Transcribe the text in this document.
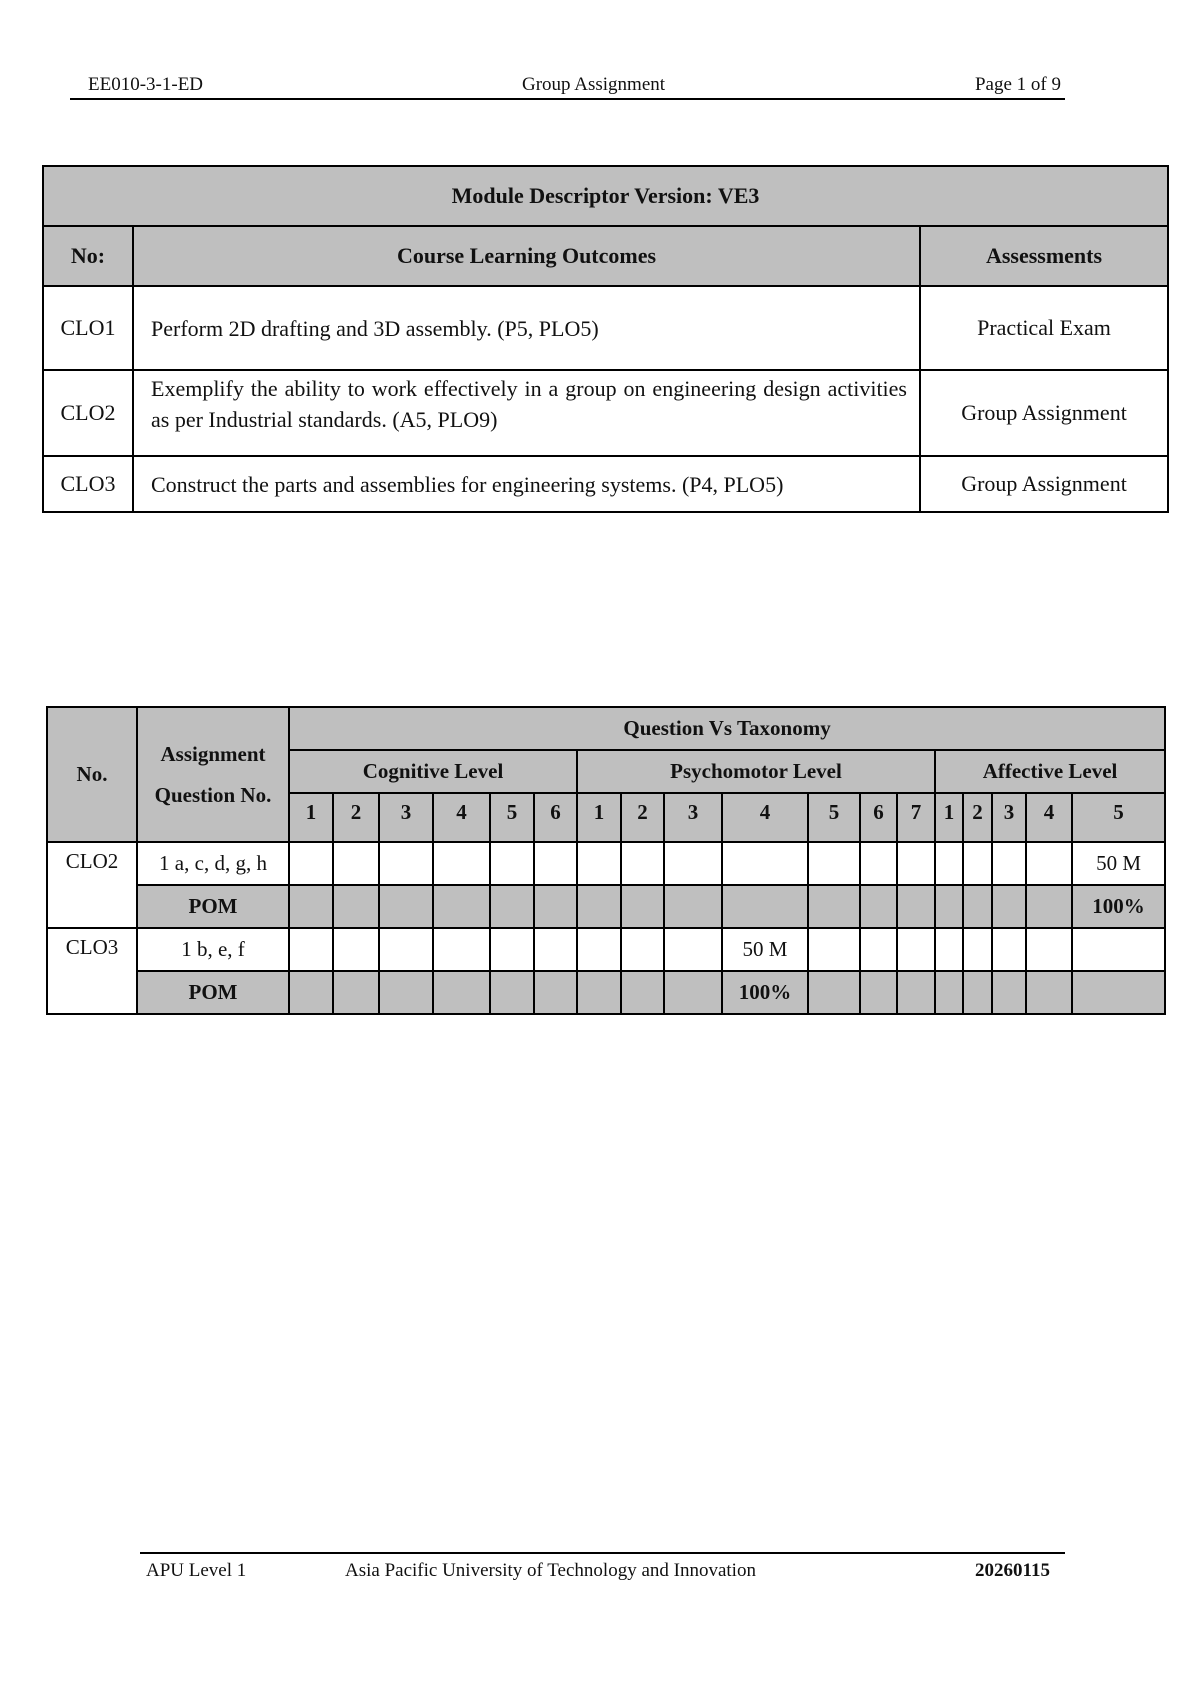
EE010-3-1-ED	Group Assignment	Page 1 of 9
Module Descriptor Version: VE3		
No:	Course Learning Outcomes	Assessments
CLO1	Perform 2D drafting and 3D assembly. (P5, PLO5)	Practical Exam
CLO2	Exemplify the ability to work effectively in a group on engineering design activities as per Industrial standards. (A5, PLO9)	Group Assignment
CLO3	Construct the parts and assemblies for engineering systems. (P4, PLO5)	Group Assignment
No.	Assignment Question No.	Question Vs Taxonomy																	
		Cognitive Level						Psychomotor Level							Affective Level				
		1	2	3	4	5	6	1	2	3	4	5	6	7	1	2	3	4	5

CLO2	1 a, c, d, g, h																		50 M
	POM																		100%
CLO3	1 b, e, f										50 M								
	POM										100%								
APU Level 1	Asia Pacific University of Technology and Innovation	20260115
